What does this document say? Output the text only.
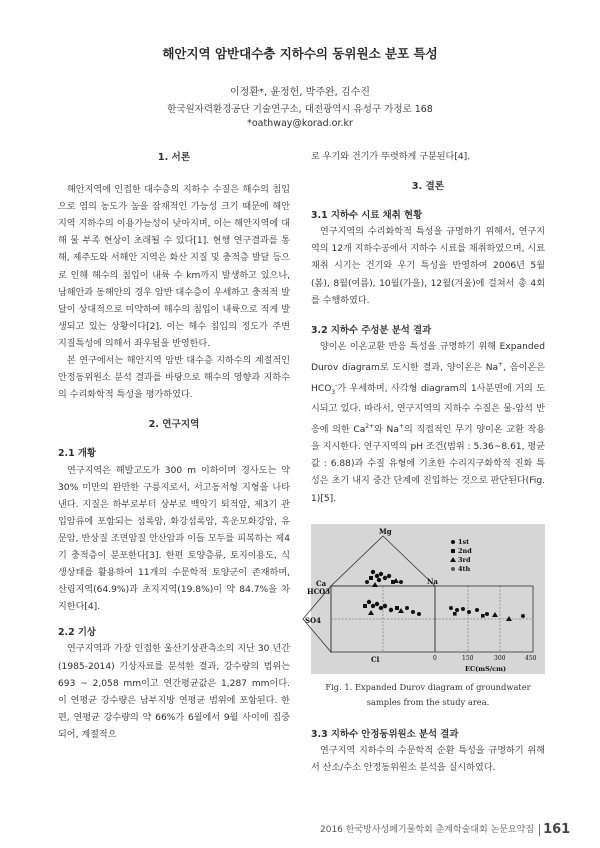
해안지역 암반대수층 지하수의 동위원소 분포 특성
이정환*, 윤정헌, 박주완, 김수진
한국원자력환경공단 기술연구소, 대전광역시 유성구 가정로 168
*oathway@korad.or.kr

1. 서론

해안지역에 인접한 대수층의 지하수 수질은 해수의 침입으로 염의 농도가 높을 잠재적인 가능성 크기 때문에 해안지역 지하수의 이용가능성이 낮아지며, 이는 해안지역에 대해 물 부족 현상이 초래될 수 있다[1]. 현행 연구결과를 통해, 제주도와 서해안 지역은 화산 지질 및 충적층 발달 등으로 인해 해수의 침입이 내륙 수 km까지 발생하고 있으나, 남해안과 동해안의 경우 암반 대수층이 우세하고 충적적 발달이 상대적으로 미약하여 해수의 침입이 내륙으로 적게 발생되고 있는 상황이다[2]. 이는 해수 침입의 정도가 주변 지질특성에 의해서 좌우됨을 반영한다.

본 연구에서는 해안지역 암반 대수층 지하수의 계절적인 안정동위원소 분석 결과를 바탕으로 해수의 영향과 지하수의 수리화학적 특성을 평가하였다.

2. 연구지역

2.1 개황

연구지역은 해발고도가 300 m 이하이며 경사도는 약 30% 미만의 완만한 구릉지로서, 서고동저형 지형을 나타낸다. 지질은 하부로부터 상부로 백악기 퇴적암, 제3기 관입암류에 포함되는 섬록암, 화강섬록암, 흑운모화강암, 유문암, 반상질 조면암질 안산암과 이들 모두를 피복하는 제4기 충적층이 분포한다[3]. 한편 토양층류, 토지이용도, 식생상태를 활용하여 11개의 수문학적 토양군이 존재하며, 산림지역(64.9%)과 초지지역(19.8%)이 약 84.7%을 차지한다[4].

2.2 기상

연구지역과 가장 인접한 울산기상관측소의 지난 30 년간(1985-2014) 기상자료를 분석한 결과, 강수량의 범위는 693 ~ 2,058 mm이고 연간평균값은 1,287 mm이다. 이 연평균 강수량은 남부지방 연평균 범위에 포함된다. 한편, 연평균 강수량의 약 66%가 6월에서 9월 사이에 집중되어, 계절적으

로 우기와 건기가 뚜렷하게 구분된다[4].

3. 결론

3.1 지하수 시료 채취 현황

연구지역의 수리화학적 특성을 규명하기 위해서, 연구지역의 12개 지하수공에서 지하수 시료를 채취하였으며, 시료채취 시기는 건기와 우기 특성을 반영하여 2006년 5월(봄), 8월(여름), 10월(가을), 12월(겨울)에 걸쳐서 총 4회를 수행하였다.

3.2 지하수 주성분 분석 결과

양이온 이온교환 반응 특성을 규명하기 위해 Expanded Durov diagram로 도시한 결과, 양이온은 Na+, 음이온은 $HCO_3^-$가 우세하며, 사각형 diagram의 1사분면에 거의 도시되고 있다. 따라서, 연구지역의 지하수 수질은 물-암석 반응에 의한 $Ca^{2+}$와 Na+의 직접적인 무기 양이온 교환 작용을 지시한다. 연구지역의 pH 조건(범위 : 5.36~8.61, 평균값 : 6.88)과 수질 유형에 기초한 수리지구화학적 진화 특성은 초기 내지 중간 단계에 진입하는 것으로 판단된다(Fig. 1)[5].

Mg
Ca
HCO3
Na
SO4
Cl
EC(mS/cm)
0	150	300	450
1st
2nd
3rd
4th

Fig. 1. Expanded Durov diagram of groundwater samples from the study area.

3.3 지하수 안정동위원소 분석 결과

연구지역 지하수의 수문학적 순환 특성을 규명하기 위해서 산소/수소 안정동위원소 분석을 실시하였다.

2016 한국방사성폐기물학회 춘계학술대회 논문요약집 161
